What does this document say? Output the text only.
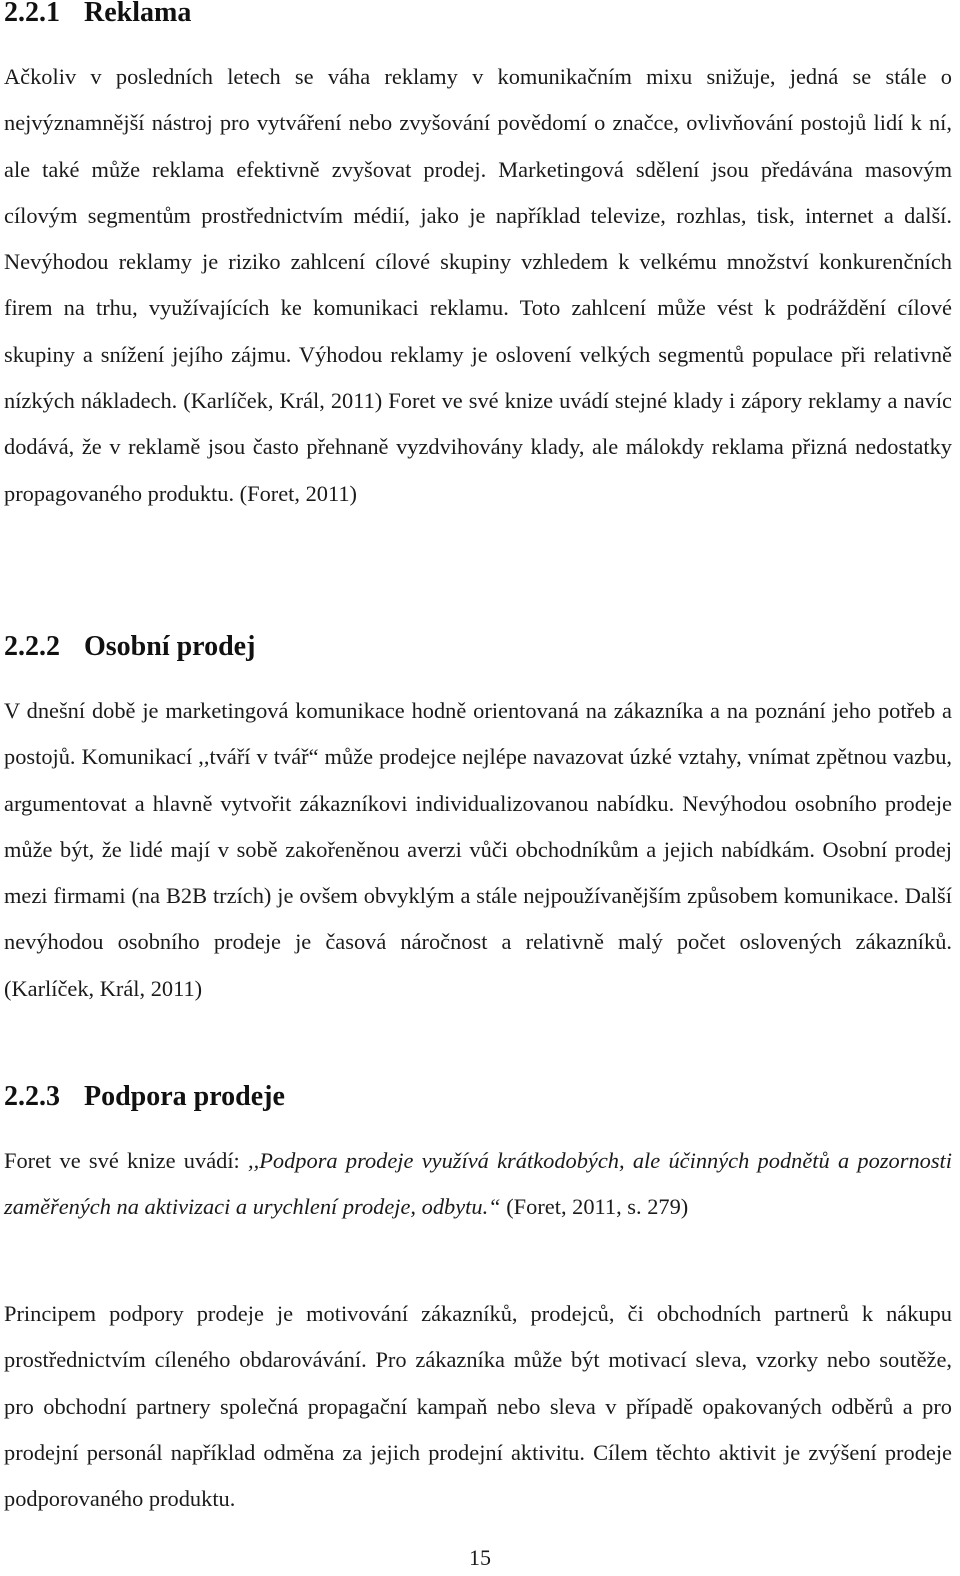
2.2.1 Reklama

Ačkoliv v posledních letech se váha reklamy v komunikačním mixu snižuje, jedná se stále o nejvýznamnější nástroj pro vytváření nebo zvyšování povědomí o značce, ovlivňování postojů lidí k ní, ale také může reklama efektivně zvyšovat prodej. Marketingová sdělení jsou předávána masovým cílovým segmentům prostřednictvím médií, jako je například televize, rozhlas, tisk, internet a další. Nevýhodou reklamy je riziko zahlcení cílové skupiny vzhledem k velkému množství konkurenčních firem na trhu, využívajících ke komunikaci reklamu. Toto zahlcení může vést k podráždění cílové skupiny a snížení jejího zájmu. Výhodou reklamy je oslovení velkých segmentů populace při relativně nízkých nákladech. (Karlíček, Král, 2011) Foret ve své knize uvádí stejné klady i zápory reklamy a navíc dodává, že v reklamě jsou často přehnaně vyzdvihovány klady, ale málokdy reklama přizná nedostatky propagovaného produktu. (Foret, 2011)

2.2.2 Osobní prodej

V dnešní době je marketingová komunikace hodně orientovaná na zákazníka a na poznání jeho potřeb a postojů. Komunikací ,,tváří v tvář“ může prodejce nejlépe navazovat úzké vztahy, vnímat zpětnou vazbu, argumentovat a hlavně vytvořit zákazníkovi individualizovanou nabídku. Nevýhodou osobního prodeje může být, že lidé mají v sobě zakořeněnou averzi vůči obchodníkům a jejich nabídkám. Osobní prodej mezi firmami (na B2B trzích) je ovšem obvyklým a stále nejpoužívanějším způsobem komunikace. Další nevýhodou osobního prodeje je časová náročnost a relativně malý počet oslovených zákazníků. (Karlíček, Král, 2011)

2.2.3 Podpora prodeje

Foret ve své knize uvádí: ,,Podpora prodeje využívá krátkodobých, ale účinných podnětů a pozornosti zaměřených na aktivizaci a urychlení prodeje, odbytu.“ (Foret, 2011, s. 279)

Principem podpory prodeje je motivování zákazníků, prodejců, či obchodních partnerů k nákupu prostřednictvím cíleného obdarovávání. Pro zákazníka může být motivací sleva, vzorky nebo soutěže, pro obchodní partnery společná propagační kampaň nebo sleva v případě opakovaných odběrů a pro prodejní personál například odměna za jejich prodejní aktivitu. Cílem těchto aktivit je zvýšení prodeje podporovaného produktu.

15
